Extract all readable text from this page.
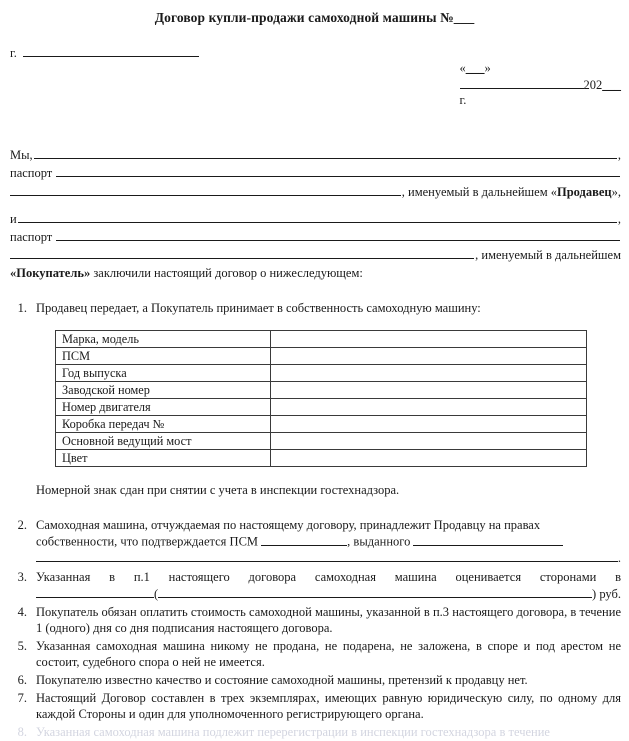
Договор купли-продажи самоходной машины №___
г.

«___»
202___
г.

Мы,	,
паспорт
, именуемый в дальнейшем «Продавец»,
и	,
паспорт
, именуемый в дальнейшем
«Покупатель» заключили настоящий договор о нижеследующем:
1. Продавец передает, а Покупатель принимает в собственность самоходную машину:
Марка, модель	
ПСМ	
Год выпуска	
Заводской номер	
Номер двигателя	
Коробка передач №	
Основной ведущий мост	
Цвет	
Номерной знак сдан при снятии с учета в инспекции гостехнадзора.
2. Самоходная машина, отчуждаемая по настоящему договору, принадлежит Продавцу на правах собственности, что подтверждается ПСМ	, выданного
.
3. Указанная в п.1 настоящего договора самоходная машина оценивается сторонами в
(	) руб.
4. Покупатель обязан оплатить стоимость самоходной машины, указанной в п.3 настоящего договора, в течение 1 (одного) дня со дня подписания настоящего договора.
5. Указанная самоходная машина никому не продана, не подарена, не заложена, в споре и под арестом не состоит, судебного спора о ней не имеется.
6. Покупателю известно качество и состояние самоходной машины, претензий к продавцу нет.
7. Настоящий Договор составлен в трех экземплярах, имеющих равную юридическую силу, по одному для каждой Стороны и один для уполномоченного регистрирующего органа.
8. Указанная самоходная машина подлежит перерегистрации в инспекции гостехнадзора в течение
